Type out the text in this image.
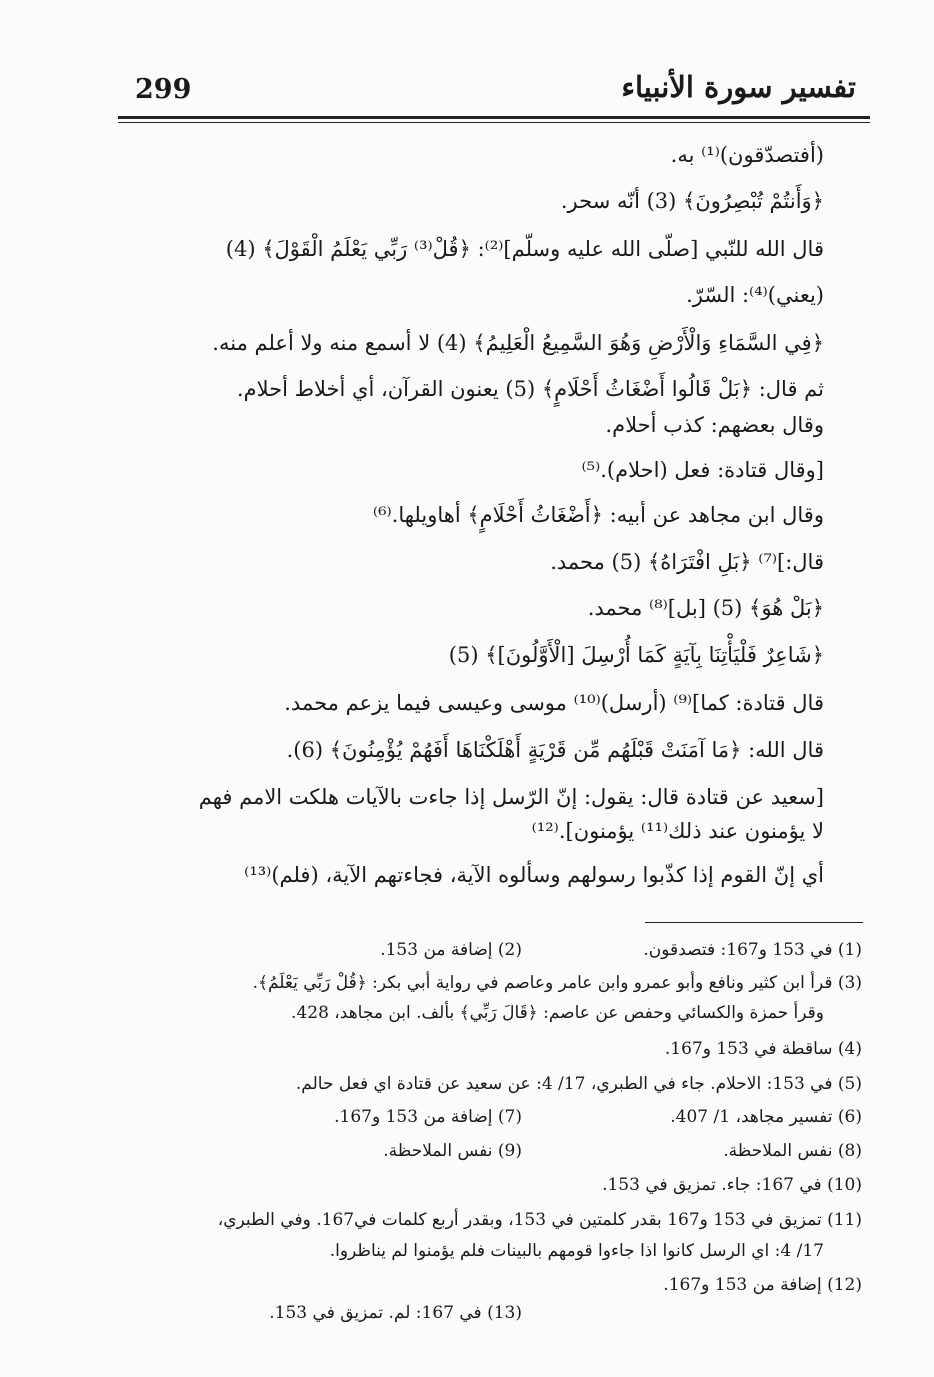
تفسير سورة الأنبياء
299
(أفتصدّقون)⁽¹⁾ به.
﴿وَأَنتُمْ تُبْصِرُونَ﴾ (3) أنّه سحر.
قال الله للنّبي [صلّى الله عليه وسلّم]⁽²⁾: ﴿قُلْ⁽³⁾ رَبِّي يَعْلَمُ الْقَوْلَ﴾ (4)
(يعني)⁽⁴⁾: السّرّ.
﴿فِي السَّمَاءِ وَالْأَرْضِ وَهُوَ السَّمِيعُ الْعَلِيمُ﴾ (4) لا أسمع منه ولا أعلم منه.
ثم قال: ﴿بَلْ قَالُوا أَضْغَاثُ أَحْلَامٍ﴾ (5) يعنون القرآن، أي أخلاط أحلام.
وقال بعضهم: كذب أحلام.
[وقال قتادة: فعل (احلام).⁽⁵⁾
وقال ابن مجاهد عن أبيه: ﴿أَضْغَاثُ أَحْلَامٍ﴾ أهاويلها.⁽⁶⁾
قال:]⁽⁷⁾ ﴿بَلِ افْتَرَاهُ﴾ (5) محمد.
﴿بَلْ هُوَ﴾ (5) [بل]⁽⁸⁾ محمد.
﴿شَاعِرٌ فَلْيَأْتِنَا بِآيَةٍ كَمَا أُرْسِلَ [الْأَوَّلُونَ]﴾ (5)
قال قتادة: كما]⁽⁹⁾ (أرسل)⁽¹⁰⁾ موسى وعيسى فيما يزعم محمد.
قال الله: ﴿مَا آمَنَتْ قَبْلَهُم مِّن قَرْيَةٍ أَهْلَكْنَاهَا أَفَهُمْ يُؤْمِنُونَ﴾ (6).
[سعيد عن قتادة قال: يقول: إنّ الرّسل إذا جاءت بالآيات هلكت الامم فهم
لا يؤمنون عند ذلك⁽¹¹⁾ يؤمنون].⁽¹²⁾
أي إنّ القوم إذا كذّبوا رسولهم وسألوه الآية، فجاءتهم الآية، (فلم)⁽¹³⁾
(1) في 153 و167: فتصدقون.
(2) إضافة من 153.
(3) قرأ ابن كثير ونافع وأبو عمرو وابن عامر وعاصم في رواية أبي بكر: ﴿قُلْ رَبِّي يَعْلَمُ﴾.
وقرأ حمزة والكسائي وحفص عن عاصم: ﴿قَالَ رَبِّي﴾ بألف. ابن مجاهد، 428.
(4) ساقطة في 153 و167.
(5) في 153: الاحلام. جاء في الطبري، 17/ 4: عن سعيد عن قتادة اي فعل حالم.
(6) تفسير مجاهد، 1/ 407.
(7) إضافة من 153 و167.
(8) نفس الملاحظة.
(9) نفس الملاحظة.
(10) في 167: جاء. تمزيق في 153.
(11) تمزيق في 153 و167 بقدر كلمتين في 153، وبقدر أربع كلمات في167. وفي الطبري،
17/ 4: اي الرسل كانوا اذا جاءوا قومهم بالبينات فلم يؤمنوا لم يناظروا.
(12) إضافة من 153 و167.
(13) في 167: لم. تمزيق في 153.
